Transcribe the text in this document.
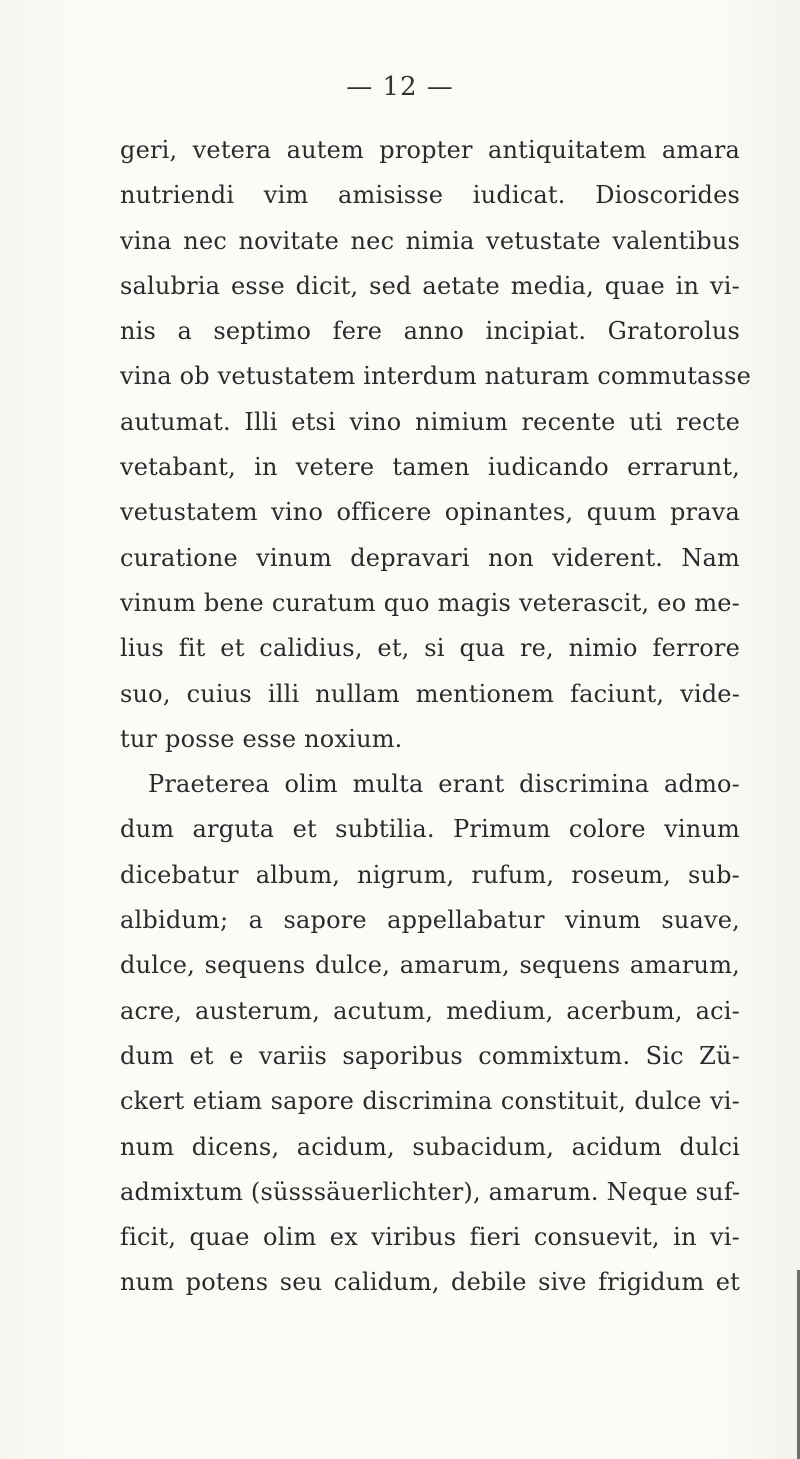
— 12 —
geri, vetera autem propter antiquitatem amara
nutriendi vim amisisse iudicat. Dioscorides
vina nec novitate nec nimia vetustate valentibus
salubria esse dicit, sed aetate media, quae in vi-
nis a septimo fere anno incipiat. Gratorolus
vina ob vetustatem interdum naturam commutasse
autumat. Illi etsi vino nimium recente uti recte
vetabant, in vetere tamen iudicando errarunt,
vetustatem vino officere opinantes, quum prava
curatione vinum depravari non viderent. Nam
vinum bene curatum quo magis veterascit, eo me-
lius fit et calidius, et, si qua re, nimio ferrore
suo, cuius illi nullam mentionem faciunt, vide-
tur posse esse noxium.
Praeterea olim multa erant discrimina admo-
dum arguta et subtilia. Primum colore vinum
dicebatur album, nigrum, rufum, roseum, sub-
albidum; a sapore appellabatur vinum suave,
dulce, sequens dulce, amarum, sequens amarum,
acre, austerum, acutum, medium, acerbum, aci-
dum et e variis saporibus commixtum. Sic Zü-
ckert etiam sapore discrimina constituit, dulce vi-
num dicens, acidum, subacidum, acidum dulci
admixtum (süsssäuerlichter), amarum. Neque suf-
ficit, quae olim ex viribus fieri consuevit, in vi-
num potens seu calidum, debile sive frigidum et
